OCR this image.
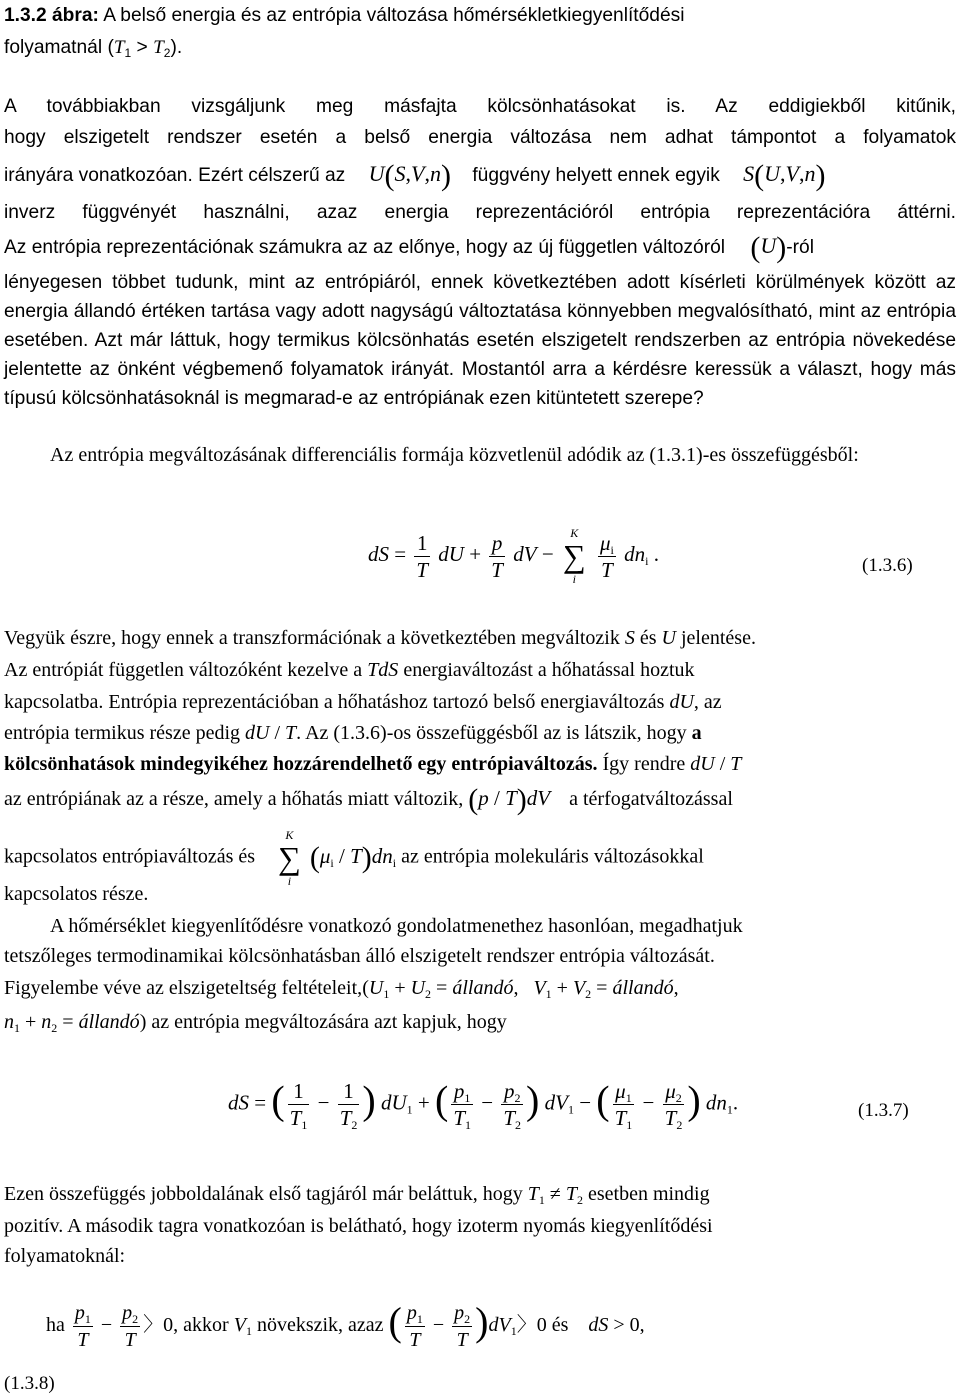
1.3.2 ábra: A belső energia és az entrópia változása hőmérsékletkiegyenlítődési
folyamatnál $(T_1 > T_2)$.
A továbbiakban vizsgáljunk meg másfajta kölcsönhatásokat is. Az eddigiekből kitűnik,
hogy elszigetelt rendszer esetén a belső energia változása nem adhat támpontot a folyamatok
irányára vonatkozóan. Ezért célszerű az U(S,V,n) függvény helyett ennek egyik S(U,V,n)
inverz függvényét használni, azaz energia reprezentációról entrópia reprezentációra áttérni.
Az entrópia reprezentációnak számukra az az előnye, hogy az új független változóról (U)-ról

lényegesen többet tudunk, mint az entrópiáról, ennek következtében adott kísérleti körülmények között az energia állandó értéken tartása vagy adott nagyságú változtatása könnyebben megvalósítható, mint az entrópia esetében. Azt már láttuk, hogy termikus kölcsönhatás esetén elszigetelt rendszerben az entrópia növekedése jelentette az önként végbemenő folyamatok irányát. Mostantól arra a kérdésre keressük a választ, hogy más típusú kölcsönhatásoknál is megmarad-e az entrópiának ezen kitüntetett szerepe?

Az entrópia megváltozásának differenciális formája közvetlenül adódik az (1.3.1)-es összefüggésből:

dS = $\frac{1}{T}$ dU + $\frac{p}{T}$ dV −
K
∑
i
$\frac{\mu_i}{T} dn_i$ .	(1.3.6)
Vegyük észre, hogy ennek a transzformációnak a következtében megváltozik S és U jelentése.
Az entrópiát független változóként kezelve a TdS energiaváltozást a hőhatással hoztuk
kapcsolatba. Entrópia reprezentációban a hőhatáshoz tartozó belső energiaváltozás dU, az
entrópia termikus része pedig dU / T. Az (1.3.6)-os összefüggésből az is látszik, hogy a
kölcsönhatások mindegyikéhez hozzárendelhető egy entrópiaváltozás. Így rendre dU / T
az entrópiának az a része, amely a hőhatás miatt változik, (p / T)dV a térfogatváltozással
kapcsolatos entrópiaváltozás és
K
∑
i
$(\mu_i / T)dn_i$ az entrópia molekuláris változásokkal
kapcsolatos része.
A hőmérséklet kiegyenlítődésre vonatkozó gondolatmenethez hasonlóan, megadhatjuk
tetszőleges termodinamikai kölcsönhatásban álló elszigetelt rendszer entrópia változását.
Figyelembe véve az elszigeteltség $feltételeit,(U_1 + U_2$ = állandó,   $V_1 + V_2$ = állandó,
$n_1 + n_2$ = állandó) az entrópia megváltozására azt kapjuk, hogy
dS = ( $\frac{1}{T_1} - \frac{1}{T_2}$ ) $dU_1$ + ( $\frac{p_1}{T_1} - \frac{p_2}{T_2}$ ) $dV_1$ − ( $\frac{\mu_1}{T_1} - \frac{\mu_2}{T_2}$ ) $dn_1$.	(1.3.7)
Ezen összefüggés jobboldalának első tagjáról már beláttuk, hogy $T_1 \ne T_2$ esetben mindig
pozitív. A második tagra vonatkozóan is belátható, hogy izoterm nyomás kiegyenlítődési
folyamatoknál:
ha $\frac{p_1}{T} - \frac{p_2}{T}$ 〉0, akkor $V_1$ növekszik, azaz ( $\frac{p_1}{T} - \frac{p_2}{T} )dV_1$〉0 és dS > 0,
(1.3.8)
